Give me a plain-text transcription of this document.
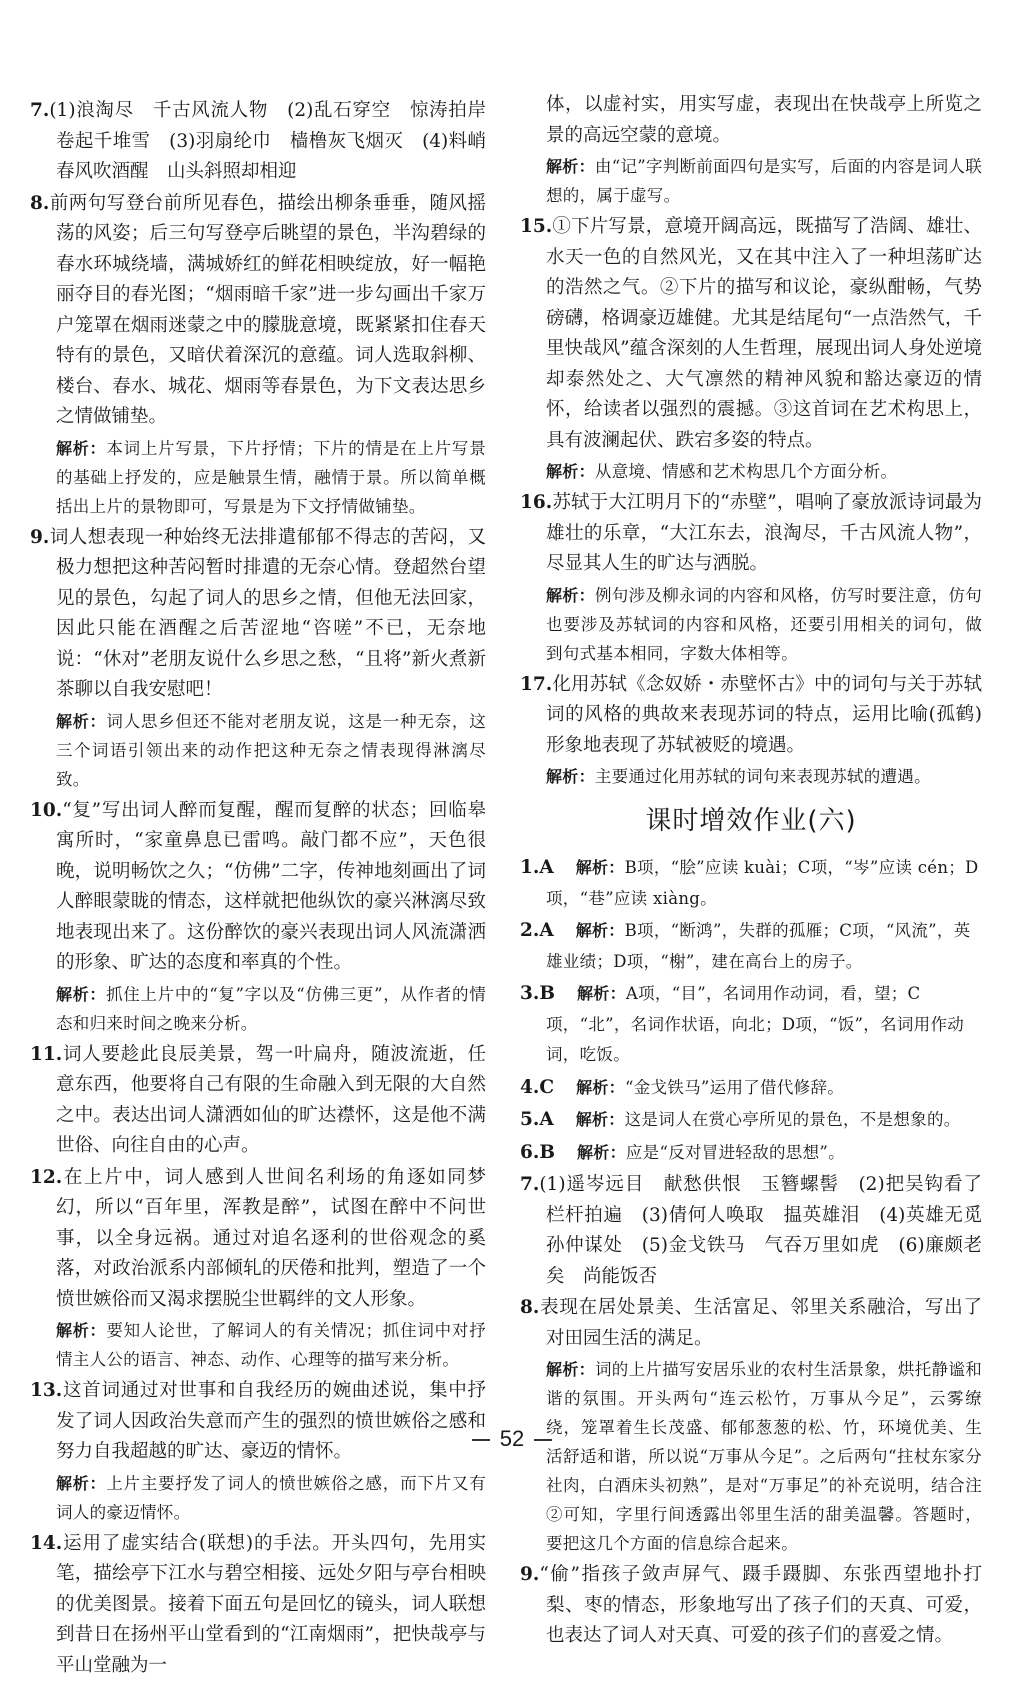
7.(1)浪淘尽　千古风流人物　(2)乱石穿空　惊涛拍岸　卷起千堆雪　(3)羽扇纶巾　樯橹灰飞烟灭　(4)料峭春风吹酒醒　山头斜照却相迎
8.前两句写登台前所见春色，描绘出柳条垂垂，随风摇荡的风姿；后三句写登亭后眺望的景色，半沟碧绿的春水环城绕墙，满城娇红的鲜花相映绽放，好一幅艳丽夺目的春光图；“烟雨暗千家”进一步勾画出千家万户笼罩在烟雨迷蒙之中的朦胧意境，既紧紧扣住春天特有的景色，又暗伏着深沉的意蕴。词人选取斜柳、楼台、春水、城花、烟雨等春景色，为下文表达思乡之情做铺垫。
解析：本词上片写景，下片抒情；下片的情是在上片写景的基础上抒发的，应是触景生情，融情于景。所以简单概括出上片的景物即可，写景是为下文抒情做铺垫。
9.词人想表现一种始终无法排遣郁郁不得志的苦闷，又极力想把这种苦闷暂时排遣的无奈心情。登超然台望见的景色，勾起了词人的思乡之情，但他无法回家，因此只能在酒醒之后苦涩地“咨嗟”不已，无奈地说：“休对”老朋友说什么乡思之愁，“且将”新火煮新茶聊以自我安慰吧！
解析：词人思乡但还不能对老朋友说，这是一种无奈，这三个词语引领出来的动作把这种无奈之情表现得淋漓尽致。
10.“复”写出词人醉而复醒，醒而复醉的状态；回临皋寓所时，“家童鼻息已雷鸣。敲门都不应”，天色很晚，说明畅饮之久；“仿佛”二字，传神地刻画出了词人醉眼蒙眬的情态，这样就把他纵饮的豪兴淋漓尽致地表现出来了。这份醉饮的豪兴表现出词人风流潇洒的形象、旷达的态度和率真的个性。
解析：抓住上片中的“复”字以及“仿佛三更”，从作者的情态和归来时间之晚来分析。
11.词人要趁此良辰美景，驾一叶扁舟，随波流逝，任意东西，他要将自己有限的生命融入到无限的大自然之中。表达出词人潇洒如仙的旷达襟怀，这是他不满世俗、向往自由的心声。
12.在上片中，词人感到人世间名利场的角逐如同梦幻，所以“百年里，浑教是醉”，试图在醉中不问世事，以全身远祸。通过对追名逐利的世俗观念的奚落，对政治派系内部倾轧的厌倦和批判，塑造了一个愤世嫉俗而又渴求摆脱尘世羁绊的文人形象。
解析：要知人论世，了解词人的有关情况；抓住词中对抒情主人公的语言、神态、动作、心理等的描写来分析。
13.这首词通过对世事和自我经历的婉曲述说，集中抒发了词人因政治失意而产生的强烈的愤世嫉俗之感和努力自我超越的旷达、豪迈的情怀。
解析：上片主要抒发了词人的愤世嫉俗之感，而下片又有词人的豪迈情怀。
14.运用了虚实结合(联想)的手法。开头四句，先用实笔，描绘亭下江水与碧空相接、远处夕阳与亭台相映的优美图景。接着下面五句是回忆的镜头，词人联想到昔日在扬州平山堂看到的“江南烟雨”，把快哉亭与平山堂融为一
体，以虚衬实，用实写虚，表现出在快哉亭上所览之景的高远空蒙的意境。
解析：由“记”字判断前面四句是实写，后面的内容是词人联想的，属于虚写。
15.①下片写景，意境开阔高远，既描写了浩阔、雄壮、水天一色的自然风光，又在其中注入了一种坦荡旷达的浩然之气。②下片的描写和议论，豪纵酣畅，气势磅礴，格调豪迈雄健。尤其是结尾句“一点浩然气，千里快哉风”蕴含深刻的人生哲理，展现出词人身处逆境却泰然处之、大气凛然的精神风貌和豁达豪迈的情怀，给读者以强烈的震撼。③这首词在艺术构思上，具有波澜起伏、跌宕多姿的特点。
解析：从意境、情感和艺术构思几个方面分析。
16.苏轼于大江明月下的“赤壁”，唱响了豪放派诗词最为雄壮的乐章，“大江东去，浪淘尽，千古风流人物”，尽显其人生的旷达与洒脱。
解析：例句涉及柳永词的内容和风格，仿写时要注意，仿句也要涉及苏轼词的内容和风格，还要引用相关的词句，做到句式基本相同，字数大体相等。
17.化用苏轼《念奴娇・赤壁怀古》中的词句与关于苏轼词的风格的典故来表现苏词的特点，运用比喻(孤鹤)形象地表现了苏轼被贬的境遇。
解析：主要通过化用苏轼的词句来表现苏轼的遭遇。
课时增效作业(六)
1.A 解析：B项，“脍”应读 kuài；C项，“岑”应读 cén；D项，“巷”应读 xiàng。
2.A 解析：B项，“断鸿”，失群的孤雁；C项，“风流”，英雄业绩；D项，“榭”，建在高台上的房子。
3.B 解析：A项，“目”，名词用作动词，看，望；C项，“北”，名词作状语，向北；D项，“饭”，名词用作动词，吃饭。
4.C 解析：“金戈铁马”运用了借代修辞。
5.A 解析：这是词人在赏心亭所见的景色，不是想象的。
6.B 解析：应是“反对冒进轻敌的思想”。
7.(1)遥岑远目　献愁供恨　玉簪螺髻　(2)把吴钩看了　栏杆拍遍　(3)倩何人唤取　揾英雄泪　(4)英雄无觅孙仲谋处　(5)金戈铁马　气吞万里如虎　(6)廉颇老矣　尚能饭否
8.表现在居处景美、生活富足、邻里关系融洽，写出了对田园生活的满足。
解析：词的上片描写安居乐业的农村生活景象，烘托静谧和谐的氛围。开头两句“连云松竹，万事从今足”，云雾缭绕，笼罩着生长茂盛、郁郁葱葱的松、竹，环境优美、生活舒适和谐，所以说“万事从今足”。之后两句“拄杖东家分社肉，白酒床头初熟”，是对“万事足”的补充说明，结合注②可知，字里行间透露出邻里生活的甜美温馨。答题时，要把这几个方面的信息综合起来。
9.“偷”指孩子敛声屏气、蹑手蹑脚、东张西望地扑打梨、枣的情态，形象地写出了孩子们的天真、可爱，也表达了词人对天真、可爱的孩子们的喜爱之情。
52
